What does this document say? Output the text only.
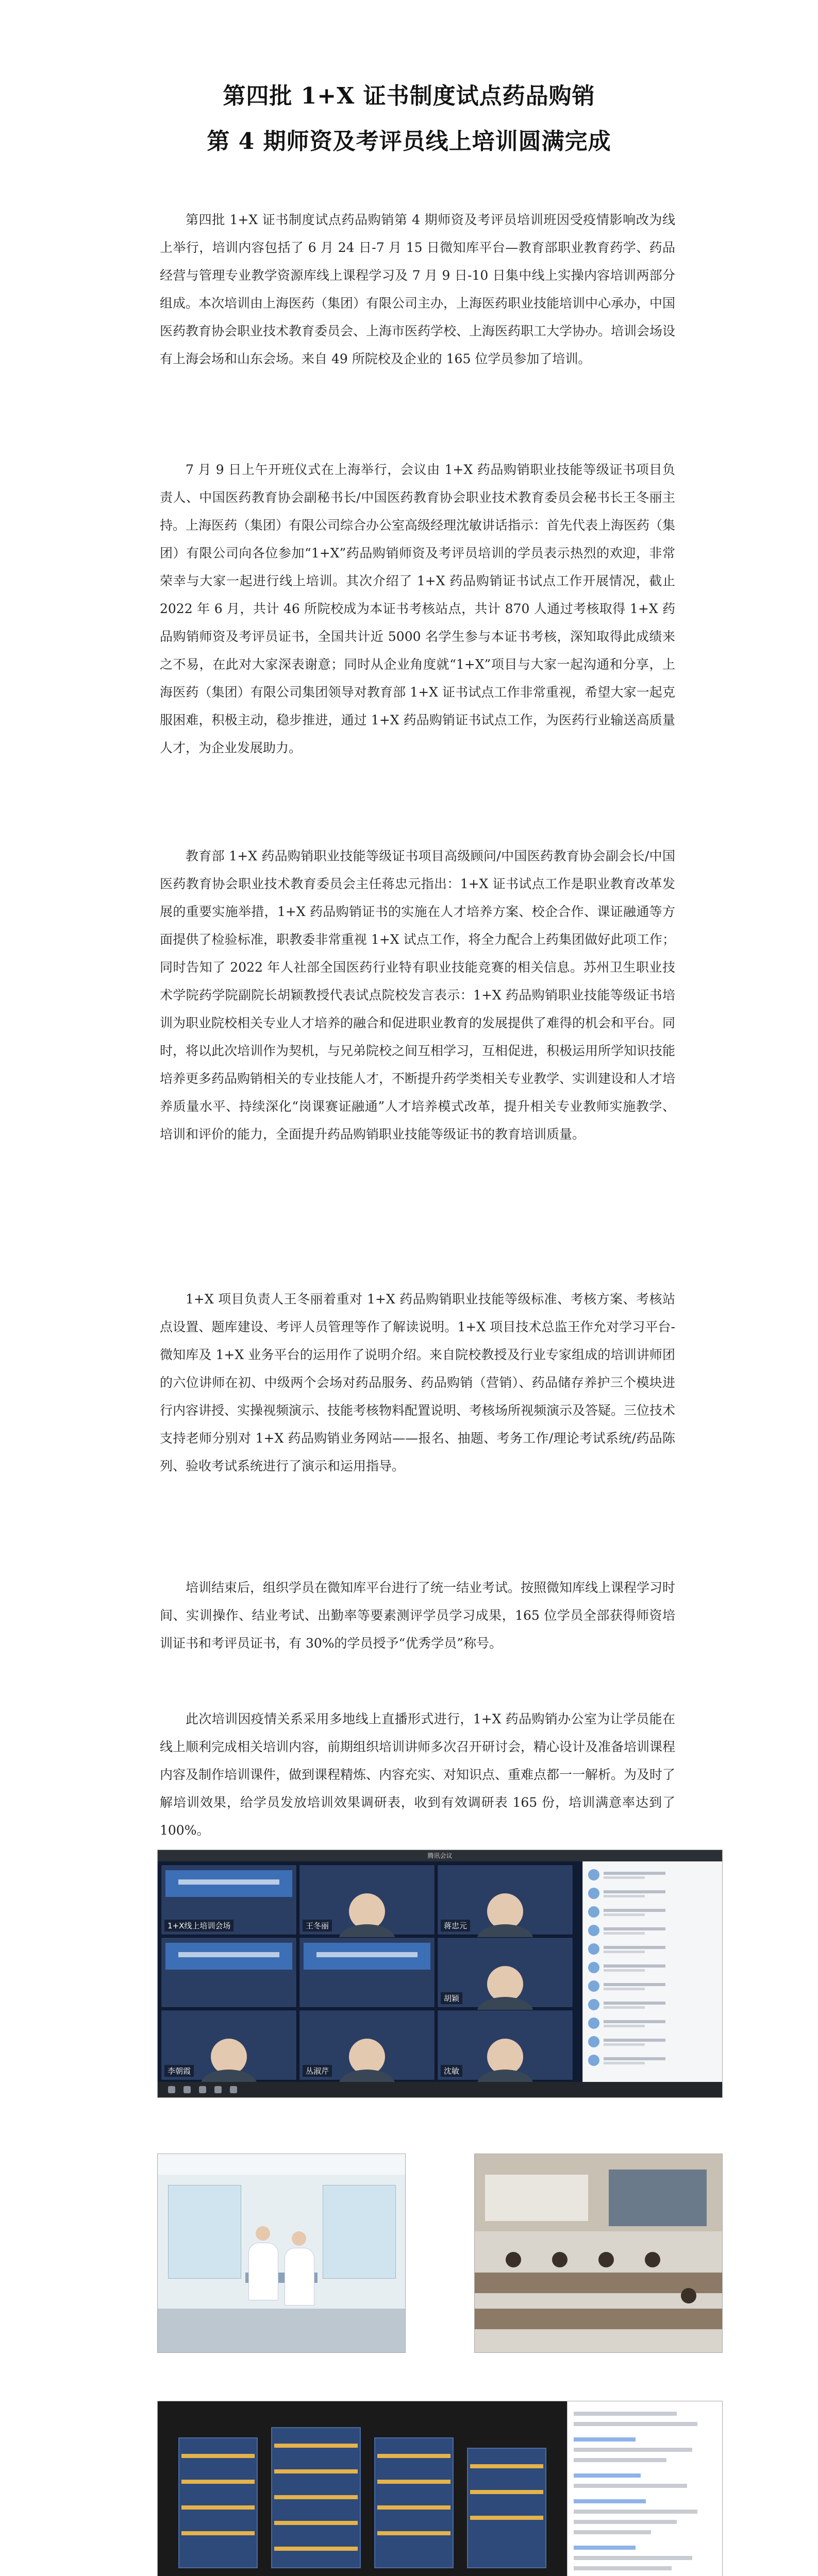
第四批 1+X 证书制度试点药品购销
第 4 期师资及考评员线上培训圆满完成

第四批 1+X 证书制度试点药品购销第 4 期师资及考评员培训班因受疫情影响改为线上举行，培训内容包括了 6 月 24 日-7 月 15 日微知库平台—教育部职业教育药学、药品经营与管理专业教学资源库线上课程学习及 7 月 9 日-10 日集中线上实操内容培训两部分组成。本次培训由上海医药（集团）有限公司主办，上海医药职业技能培训中心承办，中国医药教育协会职业技术教育委员会、上海市医药学校、上海医药职工大学协办。培训会场设有上海会场和山东会场。来自 49 所院校及企业的 165 位学员参加了培训。

7 月 9 日上午开班仪式在上海举行，会议由 1+X 药品购销职业技能等级证书项目负责人、中国医药教育协会副秘书长/中国医药教育协会职业技术教育委员会秘书长王冬丽主持。上海医药（集团）有限公司综合办公室高级经理沈敏讲话指示：首先代表上海医药（集团）有限公司向各位参加“1+X”药品购销师资及考评员培训的学员表示热烈的欢迎，非常荣幸与大家一起进行线上培训。其次介绍了 1+X 药品购销证书试点工作开展情况，截止 2022 年 6 月，共计 46 所院校成为本证书考核站点，共计 870 人通过考核取得 1+X 药品购销师资及考评员证书，全国共计近 5000 名学生参与本证书考核，深知取得此成绩来之不易，在此对大家深表谢意；同时从企业角度就“1+X”项目与大家一起沟通和分享，上海医药（集团）有限公司集团领导对教育部 1+X 证书试点工作非常重视，希望大家一起克服困难，积极主动，稳步推进，通过 1+X 药品购销证书试点工作，为医药行业输送高质量人才，为企业发展助力。

教育部 1+X 药品购销职业技能等级证书项目高级顾问/中国医药教育协会副会长/中国医药教育协会职业技术教育委员会主任蒋忠元指出：1+X 证书试点工作是职业教育改革发展的重要实施举措，1+X 药品购销证书的实施在人才培养方案、校企合作、课证融通等方面提供了检验标准，职教委非常重视 1+X 试点工作，将全力配合上药集团做好此项工作；同时告知了 2022 年人社部全国医药行业特有职业技能竞赛的相关信息。苏州卫生职业技术学院药学院副院长胡颖教授代表试点院校发言表示：1+X 药品购销职业技能等级证书培训为职业院校相关专业人才培养的融合和促进职业教育的发展提供了难得的机会和平台。同时，将以此次培训作为契机，与兄弟院校之间互相学习，互相促进，积极运用所学知识技能培养更多药品购销相关的专业技能人才，不断提升药学类相关专业教学、实训建设和人才培养质量水平、持续深化“岗课赛证融通”人才培养模式改革，提升相关专业教师实施教学、培训和评价的能力，全面提升药品购销职业技能等级证书的教育培训质量。

1+X 项目负责人王冬丽着重对 1+X 药品购销职业技能等级标准、考核方案、考核站点设置、题库建设、考评人员管理等作了解读说明。1+X 项目技术总监王作允对学习平台-微知库及 1+X 业务平台的运用作了说明介绍。来自院校教授及行业专家组成的培训讲师团的六位讲师在初、中级两个会场对药品服务、药品购销（营销）、药品储存养护三个模块进行内容讲授、实操视频演示、技能考核物料配置说明、考核场所视频演示及答疑。三位技术支持老师分别对 1+X 药品购销业务网站——报名、抽题、考务工作/理论考试系统/药品陈列、验收考试系统进行了演示和运用指导。

培训结束后，组织学员在微知库平台进行了统一结业考试。按照微知库线上课程学习时间、实训操作、结业考试、出勤率等要素测评学员学习成果，165 位学员全部获得师资培训证书和考评员证书，有 30%的学员授予“优秀学员”称号。

此次培训因疫情关系采用多地线上直播形式进行，1+X 药品购销办公室为让学员能在线上顺利完成相关培训内容，前期组织培训讲师多次召开研讨会，精心设计及准备培训课程内容及制作培训课件，做到课程精炼、内容充实、对知识点、重难点都一一解析。为及时了解培训效果，给学员发放培训效果调研表，收到有效调研表 165 份，培训满意率达到了 100%。

腾讯会议
1+X线上培训会场	王冬丽	蒋忠元
胡颖
李朝霞	丛淑芹	沈敏
